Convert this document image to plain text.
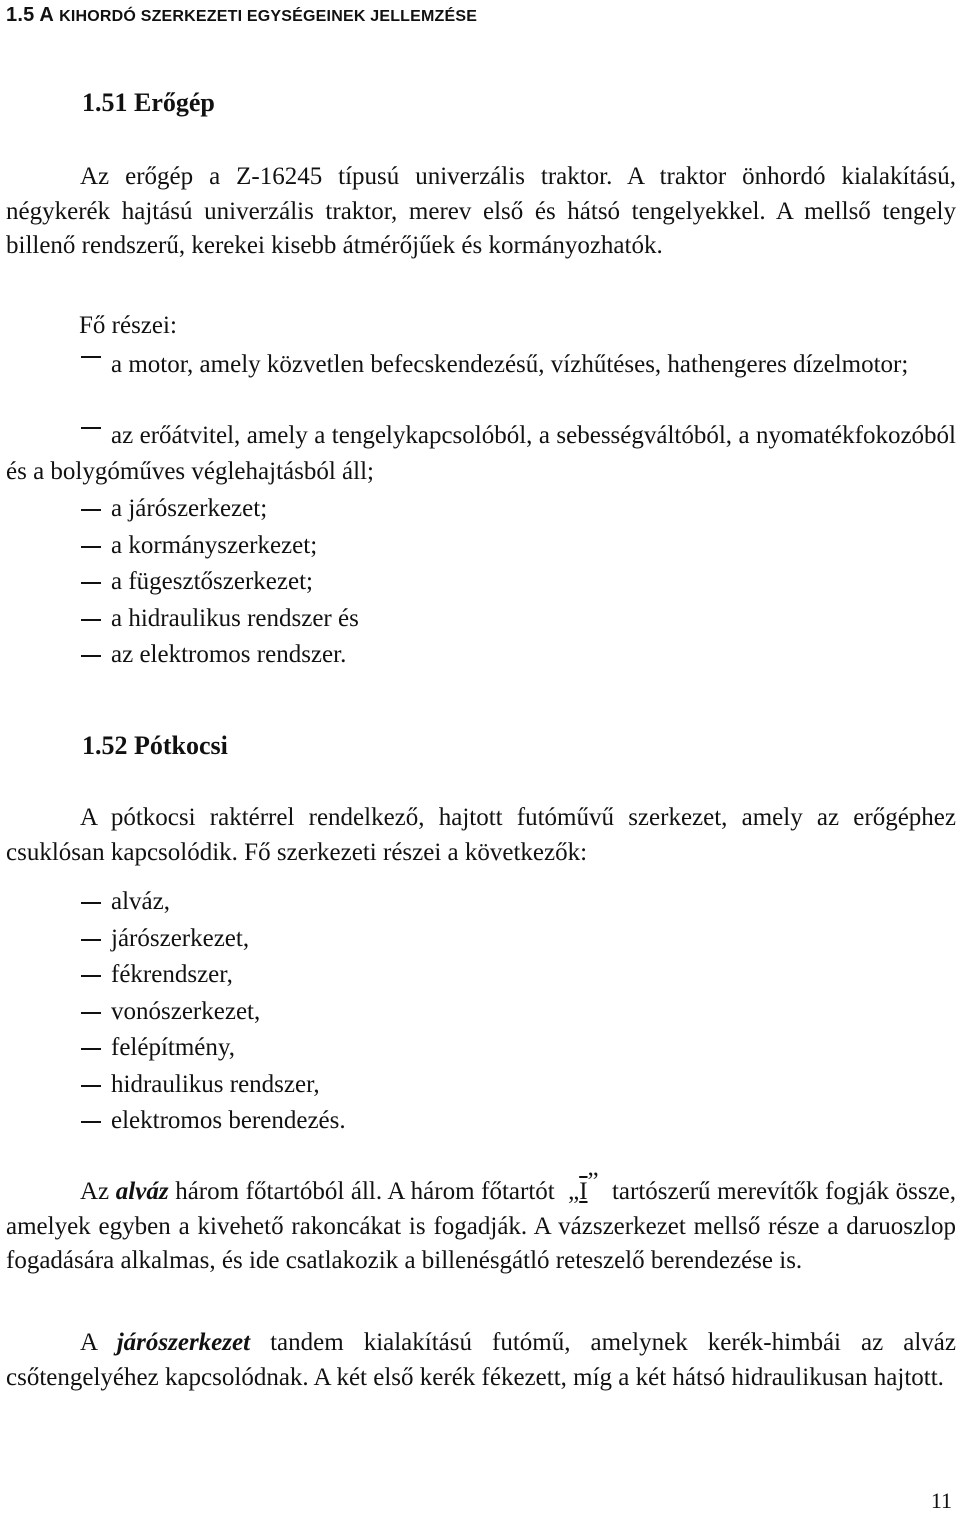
1.5 A KIHORDÓ SZERKEZETI EGYSÉGEINEK JELLEMZÉSE
1.51 Erőgép

Az erőgép a Z-16245 típusú univerzális traktor. A traktor önhordó kialakítású, négykerék hajtású univerzális traktor, merev első és hátsó tengelyekkel. A mellső tengely billenő rendszerű, kerekei kisebb átmérőjűek és kormányozhatók.

Fő részei:

a motor, amely közvetlen befecskendezésű, vízhűtéses, hathengeres dízelmotor;

az erőátvitel, amely a tengelykapcsolóból, a sebességváltóból, a nyomatékfokozóból és a bolygóműves véglehajtásból áll;

a járószerkezet;
a kormányszerkezet;
a fügesztőszerkezet;
a hidraulikus rendszer és
az elektromos rendszer.
1.52 Pótkocsi

A pótkocsi raktérrel rendelkező, hajtott futóművű szerkezet, amely az erőgéphez csuklósan kapcsolódik. Fő szerkezeti részei a következők:

alváz,
járószerkezet,
fékrendszer,
vonószerkezet,
felépítmény,
hidraulikus rendszer,
elektromos berendezés.

Az alváz három főtartóból áll. A három főtartót „I” tartószerű merevítők fogják össze, amelyek egyben a kivehető rakoncákat is fogadják. A vázszerkezet mellső része a daruoszlop fogadására alkalmas, és ide csatlakozik a billenésgátló reteszelő berendezése is.

A járószerkezet tandem kialakítású futómű, amelynek kerék-himbái az alváz csőtengelyéhez kapcsolódnak. A két első kerék fékezett, míg a két hátsó hidraulikusan hajtott.

11
